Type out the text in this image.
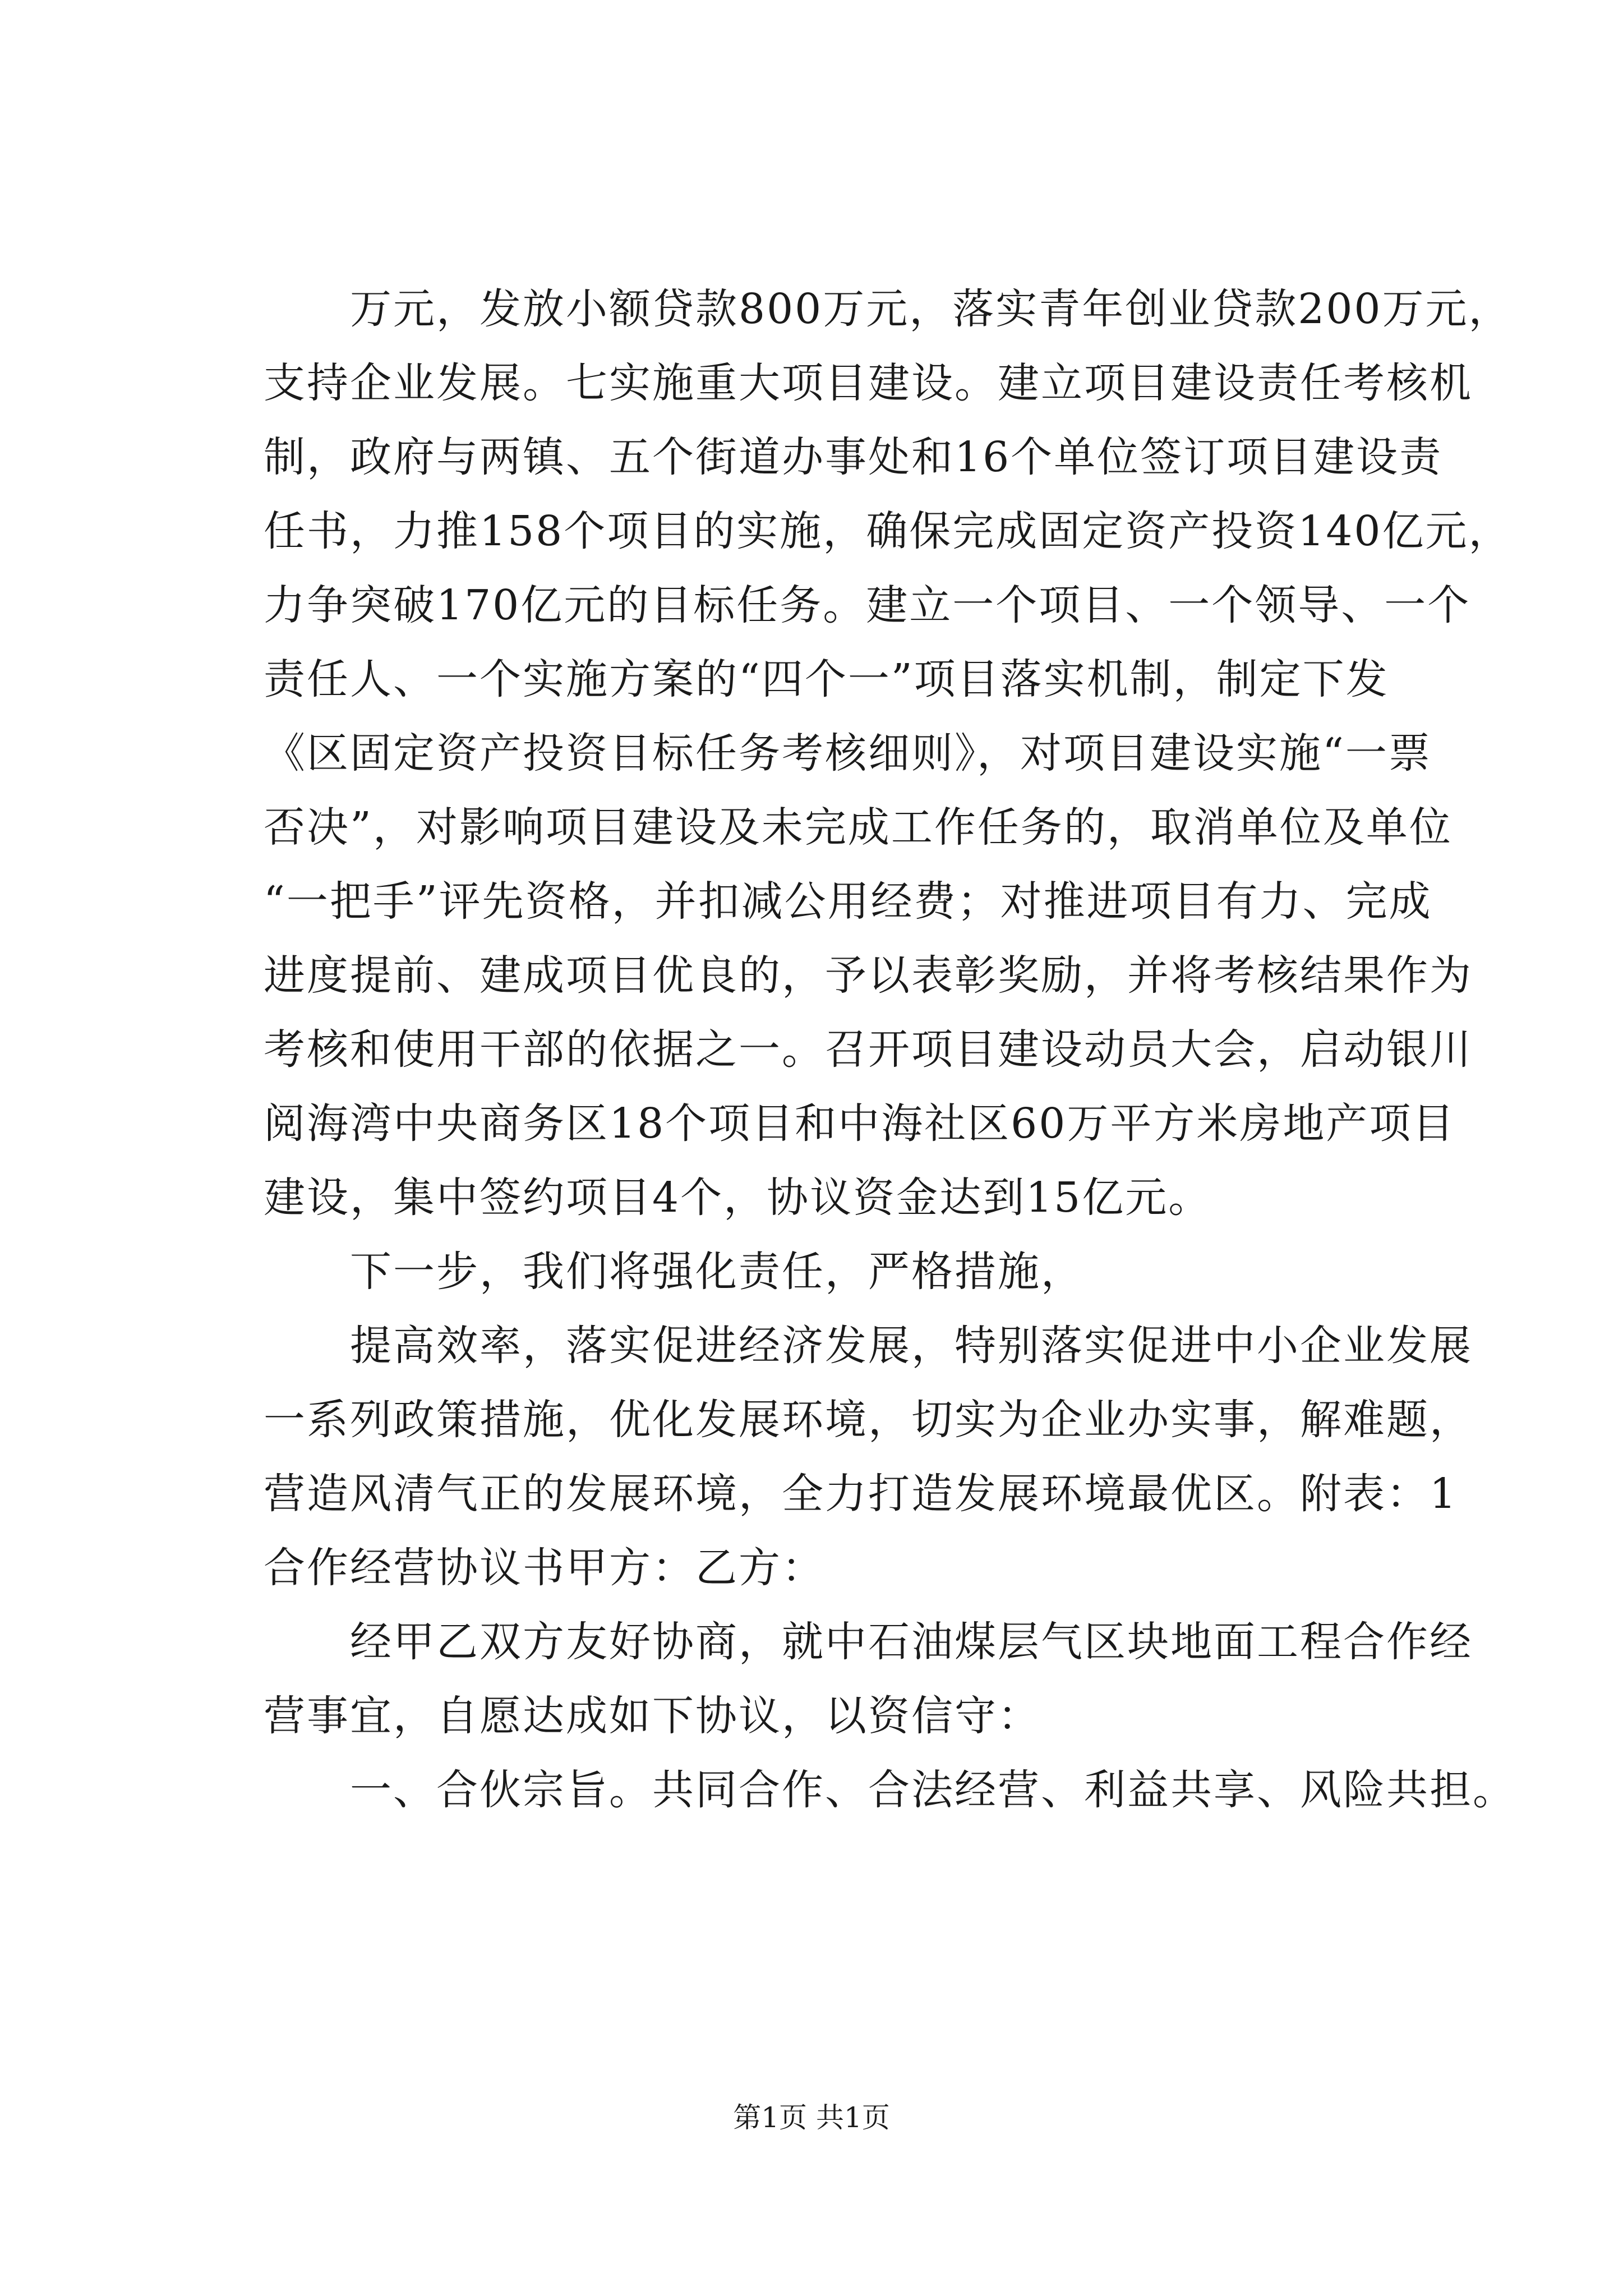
　　万元，发放小额贷款800万元，落实青年创业贷款200万元，
支持企业发展。七实施重大项目建设。建立项目建设责任考核机
制，政府与两镇、五个街道办事处和16个单位签订项目建设责
任书，力推158个项目的实施，确保完成固定资产投资140亿元，
力争突破170亿元的目标任务。建立一个项目、一个领导、一个
责任人、一个实施方案的“四个一”项目落实机制，制定下发
《区固定资产投资目标任务考核细则》，对项目建设实施“一票
否决”，对影响项目建设及未完成工作任务的，取消单位及单位
“一把手”评先资格，并扣减公用经费；对推进项目有力、完成
进度提前、建成项目优良的，予以表彰奖励，并将考核结果作为
考核和使用干部的依据之一。召开项目建设动员大会，启动银川
阅海湾中央商务区18个项目和中海社区60万平方米房地产项目
建设，集中签约项目4个，协议资金达到15亿元。
　　下一步，我们将强化责任，严格措施，
　　提高效率，落实促进经济发展，特别落实促进中小企业发展
一系列政策措施，优化发展环境，切实为企业办实事，解难题，
营造风清气正的发展环境，全力打造发展环境最优区。附表：1
合作经营协议书甲方：乙方：
　　经甲乙双方友好协商，就中石油煤层气区块地面工程合作经
营事宜，自愿达成如下协议，以资信守：
　　一、合伙宗旨。共同合作、合法经营、利益共享、风险共担。
第1页 共1页
